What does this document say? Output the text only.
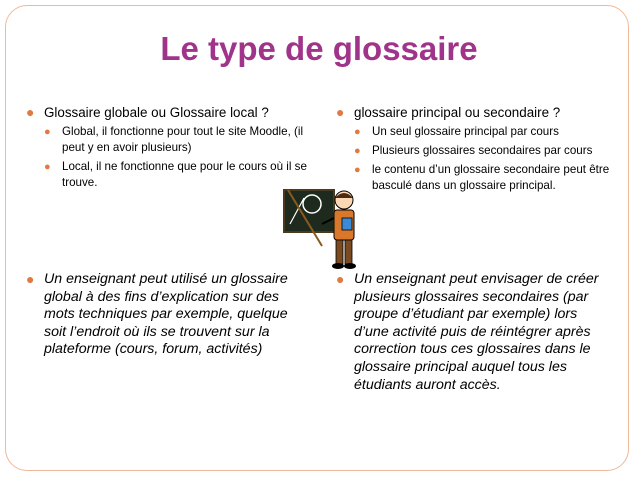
Le type de glossaire

● Glossaire globale ou Glossaire local ?

● Global, il fonctionne pour tout le site Moodle, (il peut y en avoir plusieurs)

● Local, il ne fonctionne que pour le cours où il se trouve.

● glossaire principal ou secondaire ?

● Un seul glossaire principal par cours

● Plusieurs glossaires secondaires par cours

● le contenu d’un glossaire secondaire peut être basculé dans un glossaire principal.

● Un enseignant peut utilisé un glossaire global à des fins d’explication sur des mots techniques par exemple, quelque soit l’endroit où ils se trouvent sur la plateforme (cours, forum, activités)

● Un enseignant peut envisager de créer plusieurs glossaires secondaires (par groupe d’étudiant par exemple) lors d’une activité puis de réintégrer après correction tous ces glossaires dans le glossaire principal auquel tous les étudiants auront accès.
